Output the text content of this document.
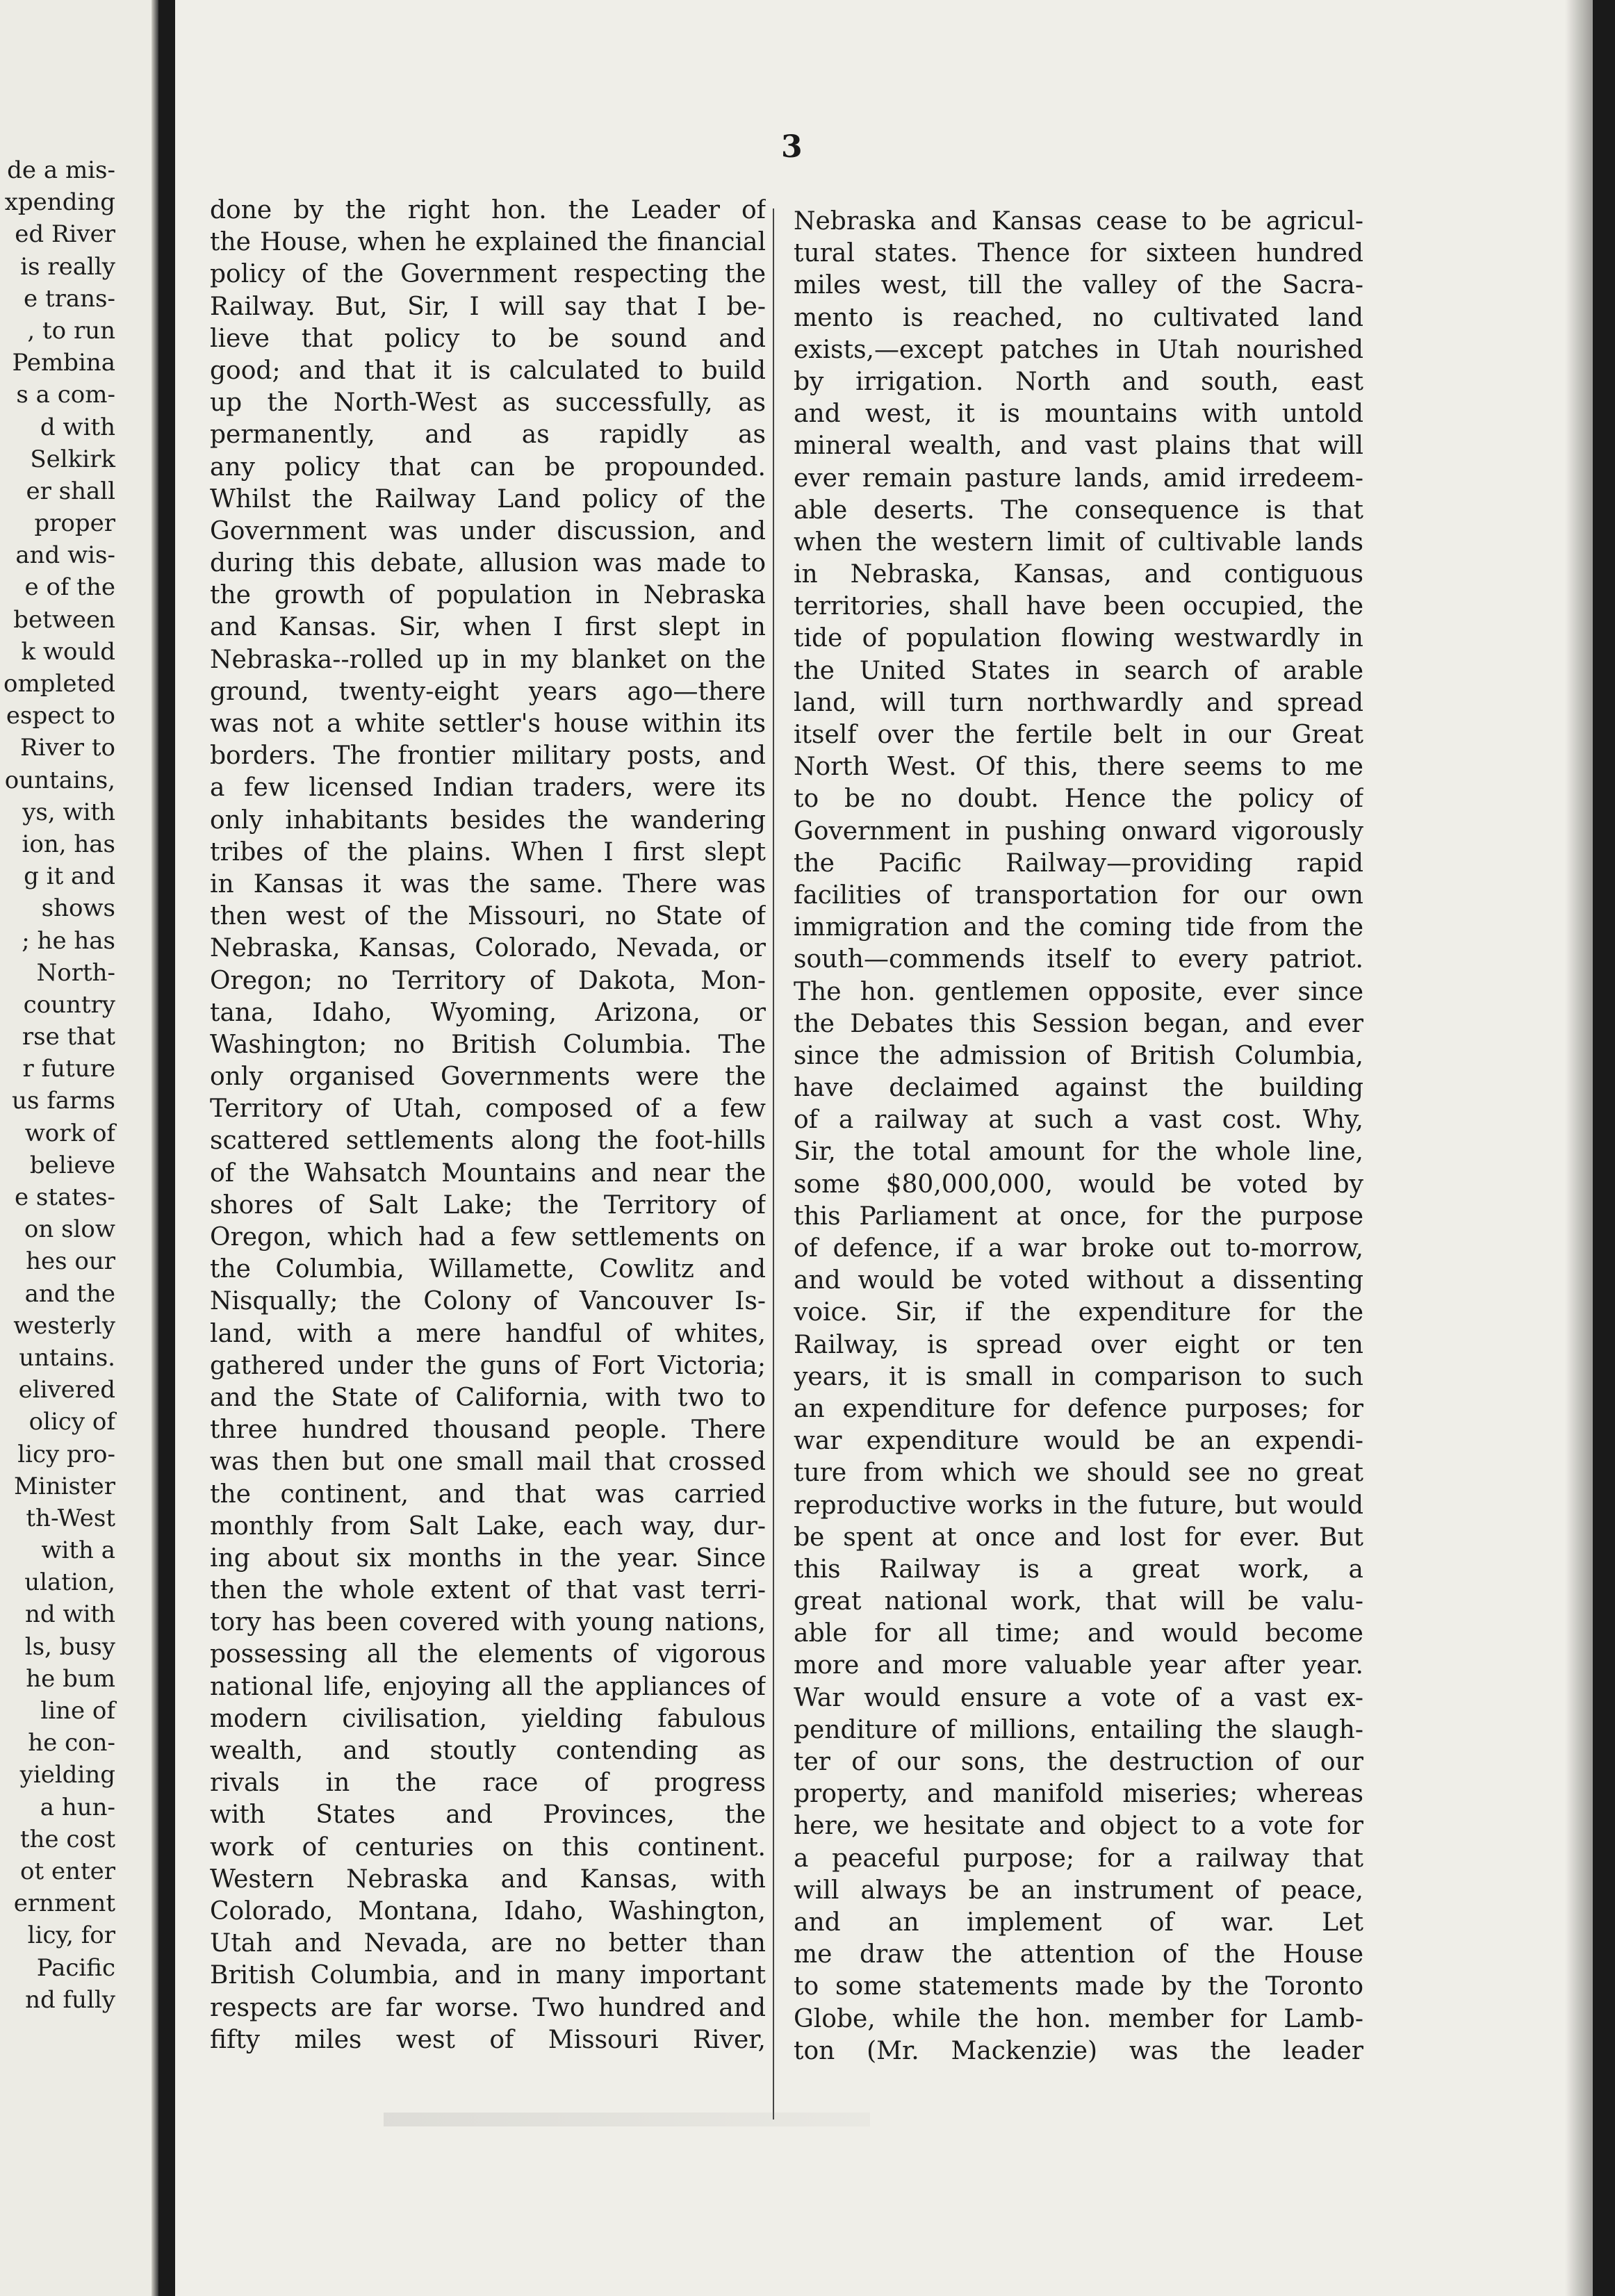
de a mis-
xpending
ed River
is really
e trans-
, to run
Pembina
s a com-
d with
Selkirk
er shall
proper
and wis-
e of the
between
k would
ompleted
espect to
River to
ountains,
ys, with
ion, has
g it and
shows
; he has
North-
country
rse that
r future
us farms
work of
believe
e states-
on slow
hes our
and the
westerly
untains.
elivered
olicy of
licy pro-
Minister
th-West
with a
ulation,
nd with
ls, busy
he bum
line of
he con-
yielding
a hun-
the cost
ot enter
ernment
licy, for
Pacific
nd fully
3
done by the right hon. the Leader of
the House, when he explained the financial
policy of the Government respecting the
Railway. But, Sir, I will say that I be-
lieve that policy to be sound and
good; and that it is calculated to build
up the North-West as successfully, as
permanently, and as rapidly as
any policy that can be propounded.
Whilst the Railway Land policy of the
Government was under discussion, and
during this debate, allusion was made to
the growth of population in Nebraska
and Kansas. Sir, when I first slept in
Nebraska--rolled up in my blanket on the
ground, twenty-eight years ago—there
was not a white settler's house within its
borders. The frontier military posts, and
a few licensed Indian traders, were its
only inhabitants besides the wandering
tribes of the plains. When I first slept
in Kansas it was the same. There was
then west of the Missouri, no State of
Nebraska, Kansas, Colorado, Nevada, or
Oregon; no Territory of Dakota, Mon-
tana, Idaho, Wyoming, Arizona, or
Washington; no British Columbia. The
only organised Governments were the
Territory of Utah, composed of a few
scattered settlements along the foot-hills
of the Wahsatch Mountains and near the
shores of Salt Lake; the Territory of
Oregon, which had a few settlements on
the Columbia, Willamette, Cowlitz and
Nisqually; the Colony of Vancouver Is-
land, with a mere handful of whites,
gathered under the guns of Fort Victoria;
and the State of California, with two to
three hundred thousand people. There
was then but one small mail that crossed
the continent, and that was carried
monthly from Salt Lake, each way, dur-
ing about six months in the year. Since
then the whole extent of that vast terri-
tory has been covered with young nations,
possessing all the elements of vigorous
national life, enjoying all the appliances of
modern civilisation, yielding fabulous
wealth, and stoutly contending as
rivals in the race of progress
with States and Provinces, the
work of centuries on this continent.
Western Nebraska and Kansas, with
Colorado, Montana, Idaho, Washington,
Utah and Nevada, are no better than
British Columbia, and in many important
respects are far worse. Two hundred and
fifty miles west of Missouri River,
Nebraska and Kansas cease to be agricul-
tural states. Thence for sixteen hundred
miles west, till the valley of the Sacra-
mento is reached, no cultivated land
exists,—except patches in Utah nourished
by irrigation. North and south, east
and west, it is mountains with untold
mineral wealth, and vast plains that will
ever remain pasture lands, amid irredeem-
able deserts. The consequence is that
when the western limit of cultivable lands
in Nebraska, Kansas, and contiguous
territories, shall have been occupied, the
tide of population flowing westwardly in
the United States in search of arable
land, will turn northwardly and spread
itself over the fertile belt in our Great
North West. Of this, there seems to me
to be no doubt. Hence the policy of
Government in pushing onward vigorously
the Pacific Railway—providing rapid
facilities of transportation for our own
immigration and the coming tide from the
south—commends itself to every patriot.
The hon. gentlemen opposite, ever since
the Debates this Session began, and ever
since the admission of British Columbia,
have declaimed against the building
of a railway at such a vast cost. Why,
Sir, the total amount for the whole line,
some $80,000,000, would be voted by
this Parliament at once, for the purpose
of defence, if a war broke out to-morrow,
and would be voted without a dissenting
voice. Sir, if the expenditure for the
Railway, is spread over eight or ten
years, it is small in comparison to such
an expenditure for defence purposes; for
war expenditure would be an expendi-
ture from which we should see no great
reproductive works in the future, but would
be spent at once and lost for ever. But
this Railway is a great work, a
great national work, that will be valu-
able for all time; and would become
more and more valuable year after year.
War would ensure a vote of a vast ex-
penditure of millions, entailing the slaugh-
ter of our sons, the destruction of our
property, and manifold miseries; whereas
here, we hesitate and object to a vote for
a peaceful purpose; for a railway that
will always be an instrument of peace,
and an implement of war. Let
me draw the attention of the House
to some statements made by the Toronto
Globe, while the hon. member for Lamb-
ton (Mr. Mackenzie) was the leader
